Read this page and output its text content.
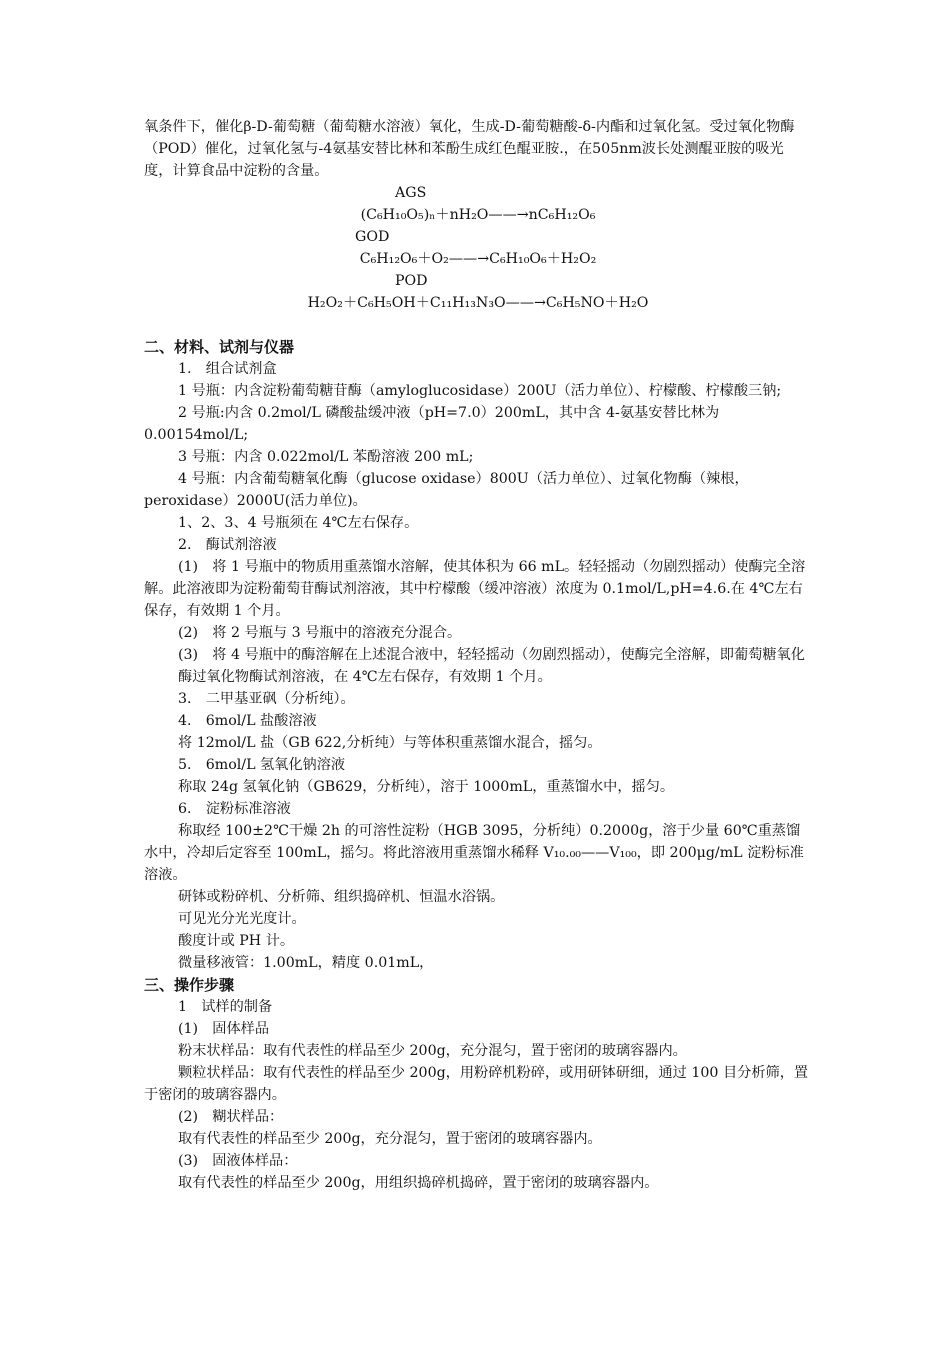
氧条件下，催化β-D-葡萄糖（葡萄糖水溶液）氧化，生成-D-葡萄糖酸-δ-内酯和过氧化氢。受过氧化物酶（POD）催化，过氧化氢与-4氨基安替比林和苯酚生成红色醌亚胺.，在505nm波长处测醌亚胺的吸光度，计算食品中淀粉的含量。

AGS

(C₆H₁₀O₅)ₙ＋nH₂O——→nC₆H₁₂O₆

GOD

C₆H₁₂O₆＋O₂——→C₆H₁₀O₆＋H₂O₂

POD

H₂O₂＋C₆H₅OH＋C₁₁H₁₃N₃O——→C₆H₅NO＋H₂O

二、材料、试剂与仪器

1.　组合试剂盒

1 号瓶：内含淀粉葡萄糖苷酶（amyloglucosidase）200U（活力单位）、柠檬酸、柠檬酸三钠;

2 号瓶:内含 0.2mol/L 磷酸盐缓冲液（pH=7.0）200mL，其中含 4-氨基安替比林为 0.00154mol/L;

3 号瓶：内含 0.022mol/L 苯酚溶液 200 mL;

4 号瓶：内含葡萄糖氧化酶（glucose oxidase）800U（活力单位）、过氧化物酶（辣根，peroxidase）2000U(活力单位)。

1、2、3、4 号瓶须在 4℃左右保存。

2.　酶试剂溶液

(1)　将 1 号瓶中的物质用重蒸馏水溶解，使其体积为 66 mL。轻轻摇动（勿剧烈摇动）使酶完全溶解。此溶液即为淀粉葡萄苷酶试剂溶液，其中柠檬酸（缓冲溶液）浓度为 0.1mol/L,pH=4.6.在 4℃左右保存，有效期 1 个月。

(2)　将 2 号瓶与 3 号瓶中的溶液充分混合。

(3)　将 4 号瓶中的酶溶解在上述混合液中，轻轻摇动（勿剧烈摇动），使酶完全溶解，即葡萄糖氧化

酶过氧化物酶试剂溶液，在 4℃左右保存，有效期 1 个月。

3.　二甲基亚砜（分析纯）。

4.　6mol/L 盐酸溶液

将 12mol/L 盐（GB 622,分析纯）与等体积重蒸馏水混合，摇匀。

5.　6mol/L 氢氧化钠溶液

称取 24g 氢氧化钠（GB629，分析纯），溶于 1000mL，重蒸馏水中，摇匀。

6.　淀粉标准溶液

称取经 100±2℃干燥 2h 的可溶性淀粉（HGB 3095，分析纯）0.2000g，溶于少量 60℃重蒸馏水中，冷却后定容至 100mL，摇匀。将此溶液用重蒸馏水稀释 V₁₀.₀₀——V₁₀₀，即 200μg/mL 淀粉标准溶液。

研钵或粉碎机、分析筛、组织捣碎机、恒温水浴锅。

可见光分光光度计。

酸度计或 PH 计。

微量移液管：1.00mL，精度 0.01mL，

三、操作步骤

1　试样的制备

(1)　固体样品

粉末状样品：取有代表性的样品至少 200g，充分混匀，置于密闭的玻璃容器内。

颗粒状样品：取有代表性的样品至少 200g，用粉碎机粉碎，或用研钵研细，通过 100 目分析筛，置于密闭的玻璃容器内。

(2)　糊状样品：

取有代表性的样品至少 200g，充分混匀，置于密闭的玻璃容器内。

(3)　固液体样品：

取有代表性的样品至少 200g，用组织捣碎机捣碎，置于密闭的玻璃容器内。
